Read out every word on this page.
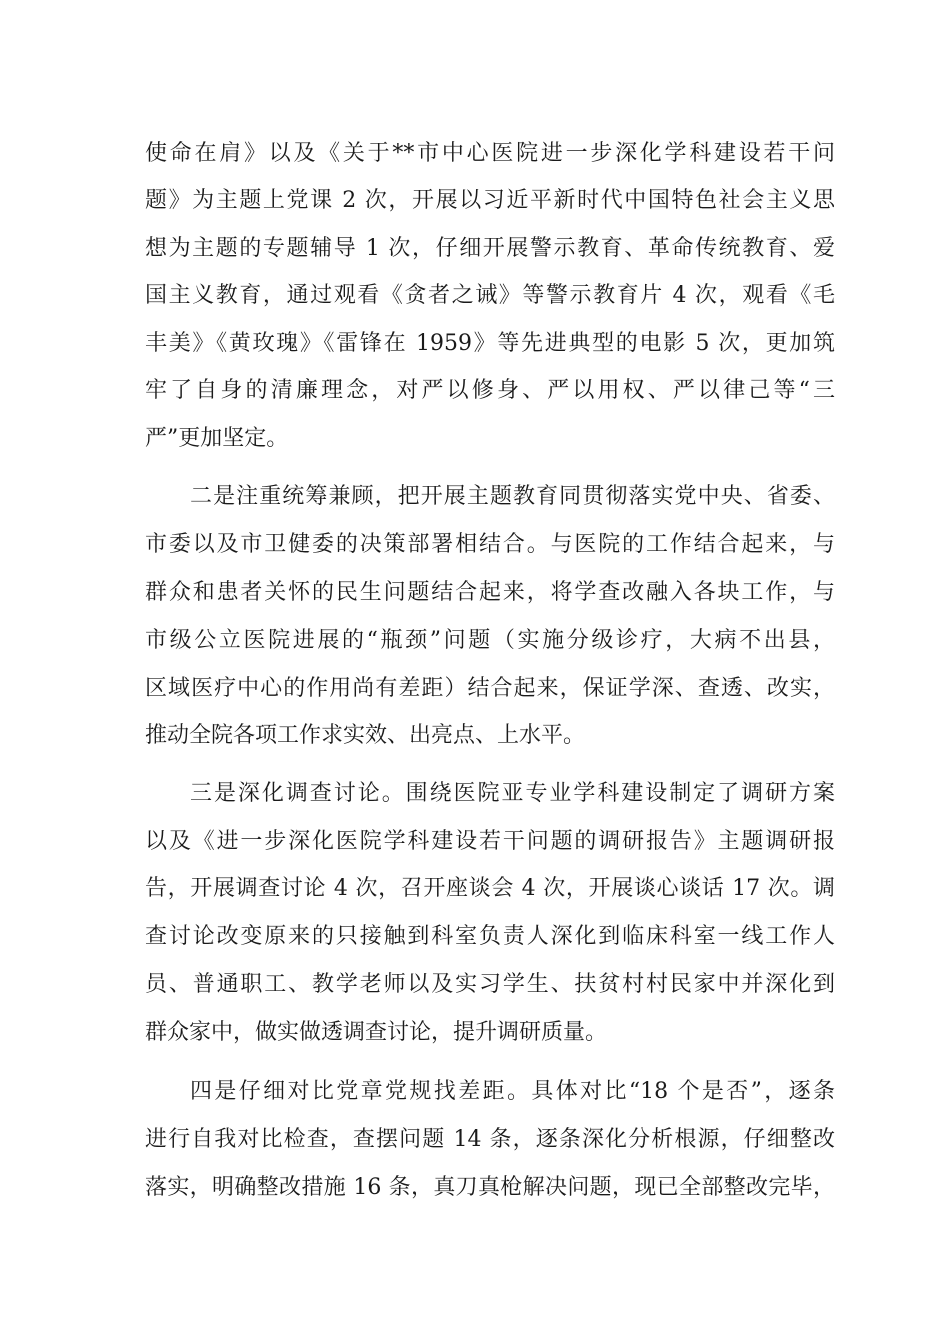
使命在肩》以及《关于**市中心医院进一步深化学科建设若干问
题》为主题上党课 2 次，开展以习近平新时代中国特色社会主义思
想为主题的专题辅导 1 次，仔细开展警示教育、革命传统教育、爱
国主义教育，通过观看《贪者之诫》等警示教育片 4 次，观看《毛
丰美》《黄玫瑰》《雷锋在 1959》等先进典型的电影 5 次，更加筑
牢了自身的清廉理念，对严以修身、严以用权、严以律己等“三
严”更加坚定。
二是注重统筹兼顾，把开展主题教育同贯彻落实党中央、省委、
市委以及市卫健委的决策部署相结合。与医院的工作结合起来，与
群众和患者关怀的民生问题结合起来，将学查改融入各块工作，与
市级公立医院进展的“瓶颈”问题（实施分级诊疗，大病不出县，
区域医疗中心的作用尚有差距）结合起来，保证学深、查透、改实，
推动全院各项工作求实效、出亮点、上水平。
三是深化调查讨论。围绕医院亚专业学科建设制定了调研方案
以及《进一步深化医院学科建设若干问题的调研报告》主题调研报
告，开展调查讨论 4 次，召开座谈会 4 次，开展谈心谈话 17 次。调
查讨论改变原来的只接触到科室负责人深化到临床科室一线工作人
员、普通职工、教学老师以及实习学生、扶贫村村民家中并深化到
群众家中，做实做透调查讨论，提升调研质量。
四是仔细对比党章党规找差距。具体对比“18 个是否”，逐条
进行自我对比检查，查摆问题 14 条，逐条深化分析根源，仔细整改
落实，明确整改措施 16 条，真刀真枪解决问题，现已全部整改完毕，
